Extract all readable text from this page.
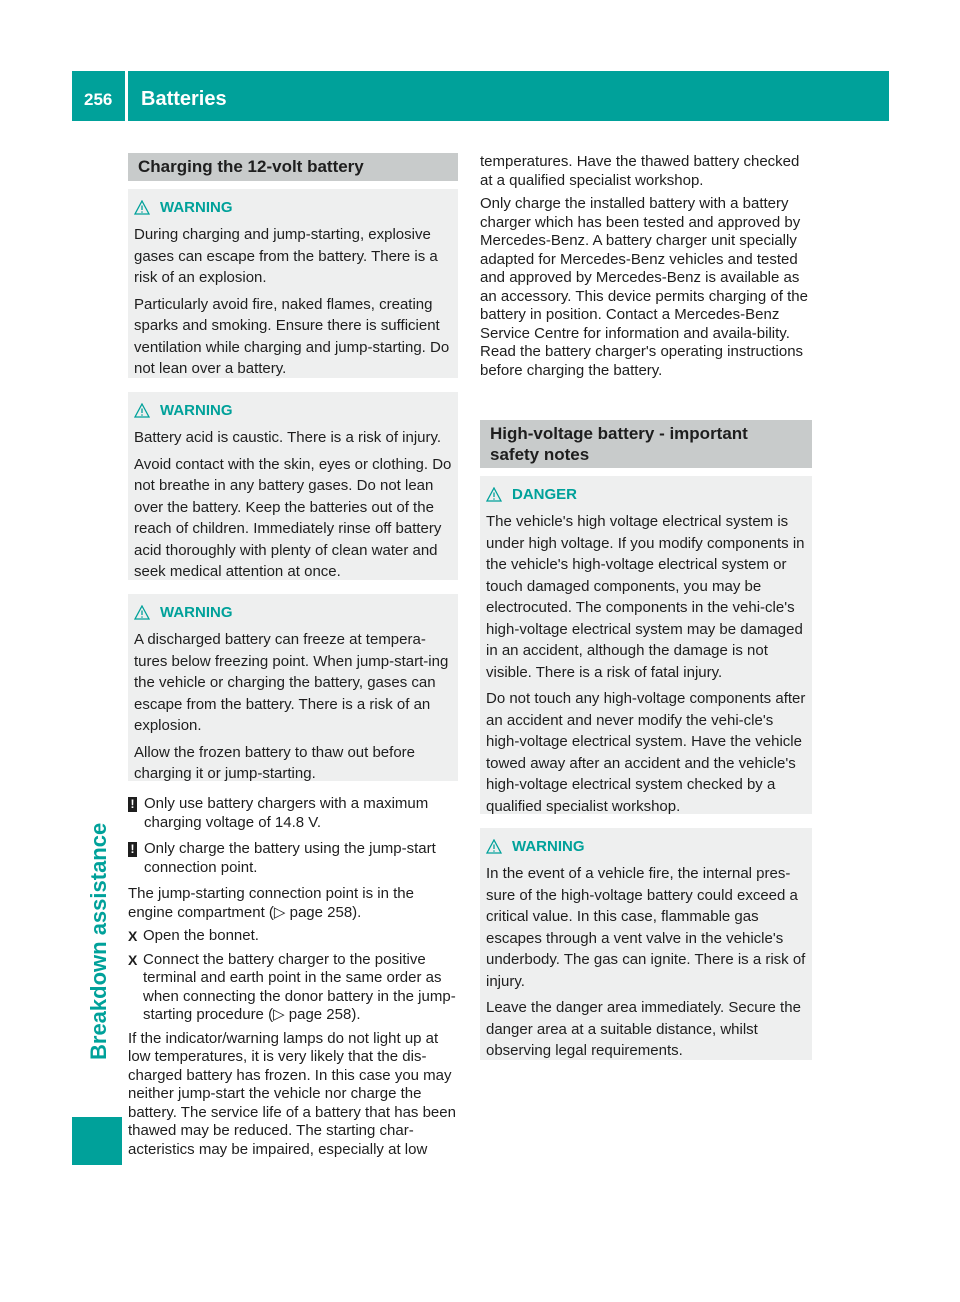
256 Batteries
Breakdown assistance
Charging the 12-volt battery
WARNING

During charging and jump-starting, explosive gases can escape from the battery. There is a risk of an explosion.

Particularly avoid fire, naked flames, creating sparks and smoking. Ensure there is sufficient ventilation while charging and jump-starting. Do not lean over a battery.

WARNING

Battery acid is caustic. There is a risk of injury.

Avoid contact with the skin, eyes or clothing. Do not breathe in any battery gases. Do not lean over the battery. Keep the batteries out of the reach of children. Immediately rinse off battery acid thoroughly with plenty of clean water and seek medical attention at once.

WARNING

A discharged battery can freeze at tempera-tures below freezing point. When jump-start-ing the vehicle or charging the battery, gases can escape from the battery. There is a risk of an explosion.

Allow the frozen battery to thaw out before charging it or jump-starting.

! Only use battery chargers with a maximum charging voltage of 14.8 V.
! Only charge the battery using the jump-start connection point.

The jump-starting connection point is in the engine compartment (▷ page 258).

X Open the bonnet.
X Connect the battery charger to the positive terminal and earth point in the same order as when connecting the donor battery in the jump-starting procedure (▷ page 258).

If the indicator/warning lamps do not light up at low temperatures, it is very likely that the dis-charged battery has frozen. In this case you may neither jump-start the vehicle nor charge the battery. The service life of a battery that has been thawed may be reduced. The starting char-acteristics may be impaired, especially at low

temperatures. Have the thawed battery checked at a qualified specialist workshop.

Only charge the installed battery with a battery charger which has been tested and approved by Mercedes-Benz. A battery charger unit specially adapted for Mercedes-Benz vehicles and tested and approved by Mercedes-Benz is available as an accessory. This device permits charging of the battery in position. Contact a Mercedes-Benz Service Centre for information and availa-bility. Read the battery charger's operating instructions before charging the battery.

High-voltage battery - important
safety notes
DANGER

The vehicle's high voltage electrical system is under high voltage. If you modify components in the vehicle's high-voltage electrical system or touch damaged components, you may be electrocuted. The components in the vehi-cle's high-voltage electrical system may be damaged in an accident, although the damage is not visible. There is a risk of fatal injury.

Do not touch any high-voltage components after an accident and never modify the vehi-cle's high-voltage electrical system. Have the vehicle towed away after an accident and the vehicle's high-voltage electrical system checked by a qualified specialist workshop.

WARNING

In the event of a vehicle fire, the internal pres-sure of the high-voltage battery could exceed a critical value. In this case, flammable gas escapes through a vent valve in the vehicle's underbody. The gas can ignite. There is a risk of injury.

Leave the danger area immediately. Secure the danger area at a suitable distance, whilst observing legal requirements.
